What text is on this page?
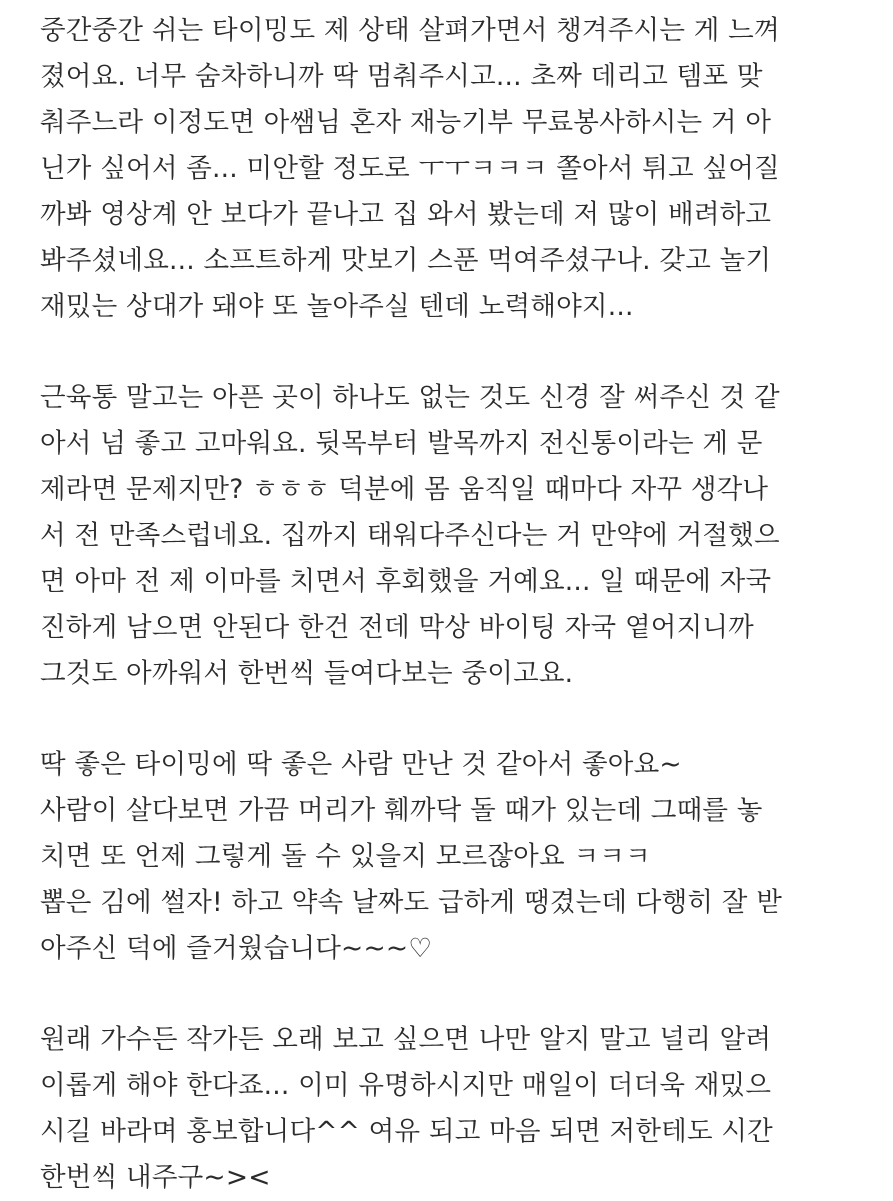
중간중간 쉬는 타이밍도 제 상태 살펴가면서 챙겨주시는 게 느껴
졌어요. 너무 숨차하니까 딱 멈춰주시고... 초짜 데리고 템포 맞
춰주느라 이정도면 아쌤님 혼자 재능기부 무료봉사하시는 거 아
닌가 싶어서 좀... 미안할 정도로 ㅜㅜㅋㅋㅋ 쫄아서 튀고 싶어질
까봐 영상계 안 보다가 끝나고 집 와서 봤는데 저 많이 배려하고
봐주셨네요... 소프트하게 맛보기 스푼 먹여주셨구나. 갖고 놀기
재밌는 상대가 돼야 또 놀아주실 텐데 노력해야지...
근육통 말고는 아픈 곳이 하나도 없는 것도 신경 잘 써주신 것 같
아서 넘 좋고 고마워요. 뒷목부터 발목까지 전신통이라는 게 문
제라면 문제지만? ㅎㅎㅎ 덕분에 몸 움직일 때마다 자꾸 생각나
서 전 만족스럽네요. 집까지 태워다주신다는 거 만약에 거절했으
면 아마 전 제 이마를 치면서 후회했을 거예요... 일 때문에 자국
진하게 남으면 안된다 한건 전데 막상 바이팅 자국 옅어지니까
그것도 아까워서 한번씩 들여다보는 중이고요.
딱 좋은 타이밍에 딱 좋은 사람 만난 것 같아서 좋아요~
사람이 살다보면 가끔 머리가 훼까닥 돌 때가 있는데 그때를 놓
치면 또 언제 그렇게 돌 수 있을지 모르잖아요 ㅋㅋㅋ
뽑은 김에 썰자! 하고 약속 날짜도 급하게 땡겼는데 다행히 잘 받
아주신 덕에 즐거웠습니다~~~♡
원래 가수든 작가든 오래 보고 싶으면 나만 알지 말고 널리 알려
이롭게 해야 한다죠... 이미 유명하시지만 매일이 더더욱 재밌으
시길 바라며 홍보합니다^^ 여유 되고 마음 되면 저한테도 시간
한번씩 내주구~><
